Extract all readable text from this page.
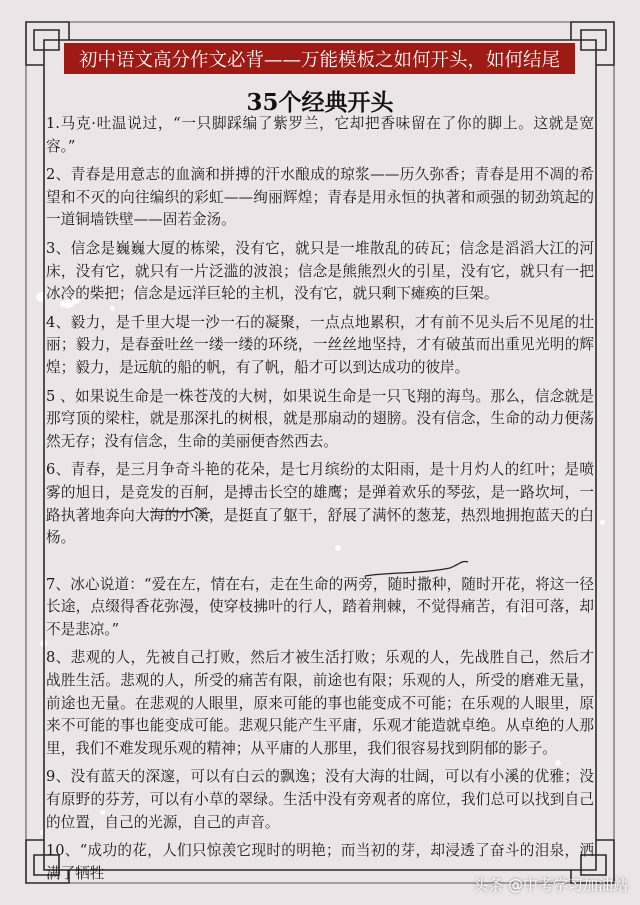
初中语文高分作文必背——万能模板之如何开头，如何结尾
35个经典开头

1.马克·吐温说过，“一只脚踩编了紫罗兰，它却把香味留在了你的脚上。这就是宽容。”

2、青春是用意志的血滴和拼搏的汗水酿成的琼浆——历久弥香；青春是用不凋的希望和不灭的向往编织的彩虹——绚丽辉煌；青春是用永恒的执著和顽强的韧劲筑起的一道铜墙铁壁——固若金汤。

3、信念是巍巍大厦的栋梁，没有它，就只是一堆散乱的砖瓦；信念是滔滔大江的河床，没有它，就只有一片泛滥的波浪；信念是熊熊烈火的引星，没有它，就只有一把冰冷的柴把；信念是远洋巨轮的主机，没有它，就只剩下瘫痪的巨架。

4、毅力，是千里大堤一沙一石的凝聚，一点点地累积，才有前不见头后不见尾的壮丽；毅力，是春蚕吐丝一缕一缕的环绕，一丝丝地坚持，才有破茧而出重见光明的辉煌；毅力，是远航的船的帆，有了帆，船才可以到达成功的彼岸。

5 、如果说生命是一株苍茂的大树，如果说生命是一只飞翔的海鸟。那么，信念就是那穹顶的梁柱，就是那深扎的树根，就是那扇动的翅膀。没有信念，生命的动力便荡然无存；没有信念，生命的美丽便杳然西去。

6、青春，是三月争奇斗艳的花朵，是七月缤纷的太阳雨，是十月灼人的红叶；是喷雾的旭日，是竞发的百舸，是搏击长空的雄鹰；是弹着欢乐的琴弦，是一路坎坷，一路执著地奔向大海的小溪，是挺直了躯干，舒展了满怀的葱茏，热烈地拥抱蓝天的白杨。

7、冰心说道：“爱在左，情在右，走在生命的两旁，随时撒种，随时开花，将这一径长途，点缀得香花弥漫，使穿枝拂叶的行人，踏着荆棘，不觉得痛苦，有泪可落，却不是悲凉。”

8、悲观的人，先被自己打败，然后才被生活打败；乐观的人，先战胜自己，然后才战胜生活。悲观的人，所受的痛苦有限，前途也有限；乐观的人，所受的磨难无量，前途也无量。在悲观的人眼里，原来可能的事也能变成不可能；在乐观的人眼里，原来不可能的事也能变成可能。悲观只能产生平庸，乐观才能造就卓绝。从卓绝的人那里，我们不难发现乐观的精神；从平庸的人那里，我们很容易找到阴郁的影子。

9、没有蓝天的深邃，可以有白云的飘逸；没有大海的壮阔，可以有小溪的优雅；没有原野的芬芳，可以有小草的翠绿。生活中没有旁观者的席位，我们总可以找到自己的位置，自己的光源，自己的声音。

10、“成功的花，人们只惊羡它现时的明艳；而当初的芽，却浸透了奋斗的泪泉，洒满了牺牲

头条 @中考学习加油站
